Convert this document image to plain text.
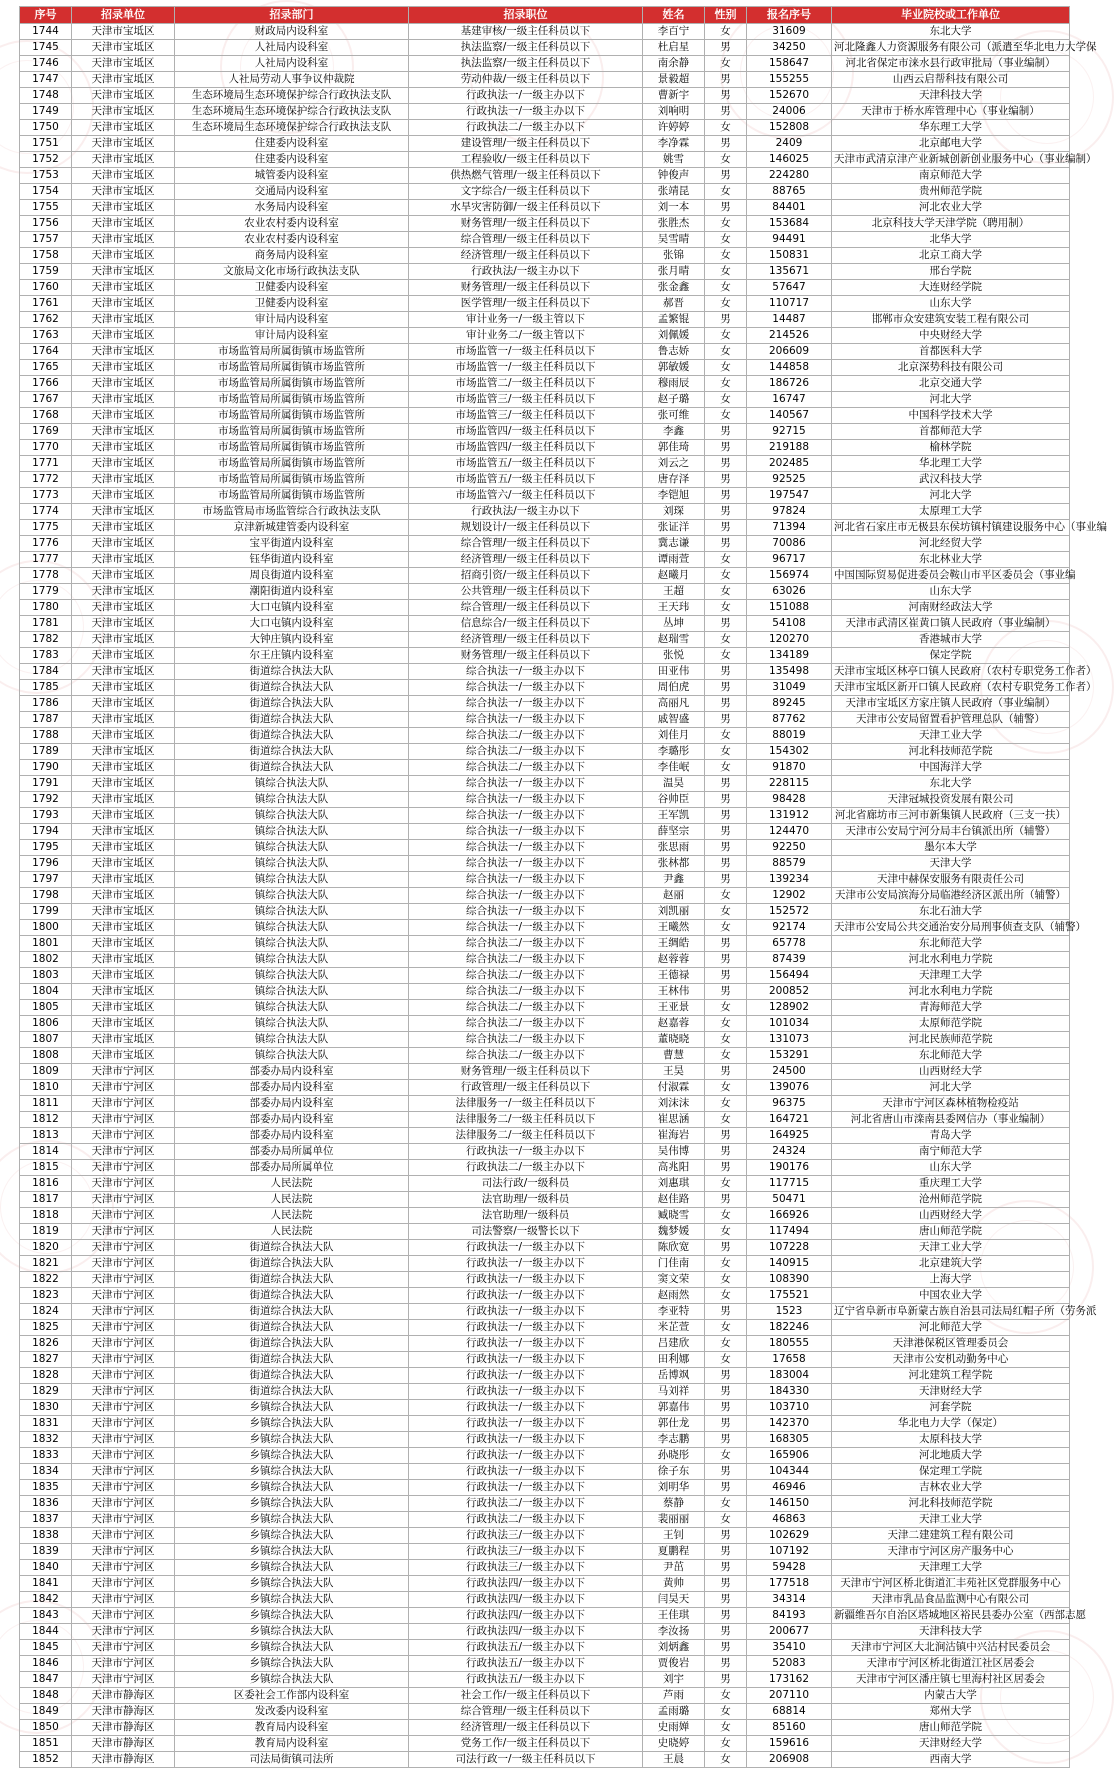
序号	招录单位	招录部门	招录职位	姓名	性别	报名序号	毕业院校或工作单位
1744	天津市宝坻区	财政局内设科室	基建审核/一级主任科员以下	李百宁	女	31609	东北大学
1745	天津市宝坻区	人社局内设科室	执法监察/一级主任科员以下	杜启星	男	34250	河北隆鑫人力资源服务有限公司（派遣至华北电力大学保
1746	天津市宝坻区	人社局内设科室	执法监察/一级主任科员以下	南余静	女	158647	河北省保定市涞水县行政审批局（事业编制）
1747	天津市宝坻区	人社局劳动人事争议仲裁院	劳动仲裁/一级主任科员以下	景毅超	男	155255	山西云启帮科技有限公司
1748	天津市宝坻区	生态环境局生态环境保护综合行政执法支队	行政执法一/一级主办以下	曹新宇	男	152670	天津科技大学
1749	天津市宝坻区	生态环境局生态环境保护综合行政执法支队	行政执法一/一级主办以下	刘响明	男	24006	天津市于桥水库管理中心（事业编制）
1750	天津市宝坻区	生态环境局生态环境保护综合行政执法支队	行政执法二/一级主办以下	许婷婷	女	152808	华东理工大学
1751	天津市宝坻区	住建委内设科室	建设管理/一级主任科员以下	李净霖	男	2409	北京邮电大学
1752	天津市宝坻区	住建委内设科室	工程验收/一级主任科员以下	姚雪	女	146025	天津市武清京津产业新城创新创业服务中心（事业编制）
1753	天津市宝坻区	城管委内设科室	供热燃气管理/一级主任科员以下	钟俊声	男	224280	南京师范大学
1754	天津市宝坻区	交通局内设科室	文字综合/一级主任科员以下	张靖昆	女	88765	贵州师范学院
1755	天津市宝坻区	水务局内设科室	水旱灾害防御/一级主任科员以下	刘一本	男	84401	河北农业大学
1756	天津市宝坻区	农业农村委内设科室	财务管理/一级主任科员以下	张胜杰	女	153684	北京科技大学天津学院（聘用制）
1757	天津市宝坻区	农业农村委内设科室	综合管理/一级主任科员以下	吴雪晴	女	94491	北华大学
1758	天津市宝坻区	商务局内设科室	经济管理/一级主任科员以下	张锦	女	150831	北京工商大学
1759	天津市宝坻区	文旅局文化市场行政执法支队	行政执法/一级主办以下	张月晴	女	135671	邢台学院
1760	天津市宝坻区	卫健委内设科室	财务管理/一级主任科员以下	张金鑫	女	57647	大连财经学院
1761	天津市宝坻区	卫健委内设科室	医学管理/一级主任科员以下	郝晋	女	110717	山东大学
1762	天津市宝坻区	审计局内设科室	审计业务一/一级主管以下	孟繁锟	男	14487	邯郸市众安建筑安装工程有限公司
1763	天津市宝坻区	审计局内设科室	审计业务二/一级主管以下	刘佩媛	女	214526	中央财经大学
1764	天津市宝坻区	市场监管局所属街镇市场监管所	市场监管一/一级主任科员以下	鲁志娇	女	206609	首都医科大学
1765	天津市宝坻区	市场监管局所属街镇市场监管所	市场监管一/一级主任科员以下	郭敏媛	女	144858	北京深势科技有限公司
1766	天津市宝坻区	市场监管局所属街镇市场监管所	市场监管二/一级主任科员以下	穆雨辰	女	186726	北京交通大学
1767	天津市宝坻区	市场监管局所属街镇市场监管所	市场监管三/一级主任科员以下	赵子璐	女	16747	河北大学
1768	天津市宝坻区	市场监管局所属街镇市场监管所	市场监管三/一级主任科员以下	张可维	女	140567	中国科学技术大学
1769	天津市宝坻区	市场监管局所属街镇市场监管所	市场监管四/一级主任科员以下	李鑫	男	92715	首都师范大学
1770	天津市宝坻区	市场监管局所属街镇市场监管所	市场监管四/一级主任科员以下	郭佳琦	男	219188	榆林学院
1771	天津市宝坻区	市场监管局所属街镇市场监管所	市场监管五/一级主任科员以下	刘云之	男	202485	华北理工大学
1772	天津市宝坻区	市场监管局所属街镇市场监管所	市场监管五/一级主任科员以下	唐存泽	男	92525	武汉科技大学
1773	天津市宝坻区	市场监管局所属街镇市场监管所	市场监管六/一级主任科员以下	李铠旭	男	197547	河北大学
1774	天津市宝坻区	市场监管局市场监管综合行政执法支队	行政执法/一级主办以下	刘琛	男	97824	太原理工大学
1775	天津市宝坻区	京津新城建管委内设科室	规划设计/一级主任科员以下	张证洋	男	71394	河北省石家庄市无极县东侯坊镇村镇建设服务中心（事业编
1776	天津市宝坻区	宝平街道内设科室	综合管理/一级主任科员以下	冀志谦	男	70086	河北经贸大学
1777	天津市宝坻区	钰华街道内设科室	经济管理/一级主任科员以下	谭雨萱	女	96717	东北林业大学
1778	天津市宝坻区	周良街道内设科室	招商引资/一级主任科员以下	赵曦月	女	156974	中国国际贸易促进委员会鞍山市平区委员会（事业编
1779	天津市宝坻区	潮阳街道内设科室	公共管理/一级主任科员以下	王超	女	63026	山东大学
1780	天津市宝坻区	大口屯镇内设科室	综合管理/一级主任科员以下	王天玮	女	151088	河南财经政法大学
1781	天津市宝坻区	大口屯镇内设科室	信息综合/一级主任科员以下	丛坤	男	54108	天津市武清区崔黄口镇人民政府（事业编制）
1782	天津市宝坻区	大钟庄镇内设科室	经济管理/一级主任科员以下	赵瑞雪	女	120270	香港城市大学
1783	天津市宝坻区	尔王庄镇内设科室	财务管理/一级主任科员以下	张悦	女	134189	保定学院
1784	天津市宝坻区	街道综合执法大队	综合执法一/一级主办以下	田亚伟	男	135498	天津市宝坻区林亭口镇人民政府（农村专职党务工作者）
1785	天津市宝坻区	街道综合执法大队	综合执法一/一级主办以下	周伯虎	男	31049	天津市宝坻区新开口镇人民政府（农村专职党务工作者）
1786	天津市宝坻区	街道综合执法大队	综合执法一/一级主办以下	高丽凡	男	89245	天津市宝坻区方家庄镇人民政府（事业编制）
1787	天津市宝坻区	街道综合执法大队	综合执法一/一级主办以下	戚智盛	男	87762	天津市公安局留置看护管理总队（辅警）
1788	天津市宝坻区	街道综合执法大队	综合执法二/一级主办以下	刘佳月	女	88019	天津工业大学
1789	天津市宝坻区	街道综合执法大队	综合执法二/一级主办以下	李璐彤	女	154302	河北科技师范学院
1790	天津市宝坻区	街道综合执法大队	综合执法二/一级主办以下	李佳岷	女	91870	中国海洋大学
1791	天津市宝坻区	镇综合执法大队	综合执法一/一级主办以下	温昊	男	228115	东北大学
1792	天津市宝坻区	镇综合执法大队	综合执法一/一级主办以下	谷帅臣	男	98428	天津冠城投资发展有限公司
1793	天津市宝坻区	镇综合执法大队	综合执法一/一级主办以下	王军凯	男	131912	河北省廊坊市三河市新集镇人民政府（三支一扶）
1794	天津市宝坻区	镇综合执法大队	综合执法一/一级主办以下	薛坚宗	男	124470	天津市公安局宁河分局丰台镇派出所（辅警）
1795	天津市宝坻区	镇综合执法大队	综合执法一/一级主办以下	张思雨	男	92250	墨尔本大学
1796	天津市宝坻区	镇综合执法大队	综合执法一/一级主办以下	张林都	男	88579	天津大学
1797	天津市宝坻区	镇综合执法大队	综合执法一/一级主办以下	尹鑫	男	139234	天津中赫保安服务有限责任公司
1798	天津市宝坻区	镇综合执法大队	综合执法一/一级主办以下	赵丽	女	12902	天津市公安局滨海分局临港经济区派出所（辅警）
1799	天津市宝坻区	镇综合执法大队	综合执法一/一级主办以下	刘凯丽	女	152572	东北石油大学
1800	天津市宝坻区	镇综合执法大队	综合执法一/一级主办以下	王曦然	女	92174	天津市公安局公共交通治安分局刑事侦查支队（辅警）
1801	天津市宝坻区	镇综合执法大队	综合执法二/一级主办以下	王绸皓	男	65778	东北师范大学
1802	天津市宝坻区	镇综合执法大队	综合执法二/一级主办以下	赵蓉蓉	男	87439	河北水利电力学院
1803	天津市宝坻区	镇综合执法大队	综合执法二/一级主办以下	王德禄	男	156494	天津理工大学
1804	天津市宝坻区	镇综合执法大队	综合执法二/一级主办以下	王林伟	男	200852	河北水利电力学院
1805	天津市宝坻区	镇综合执法大队	综合执法二/一级主办以下	王亚景	女	128902	青海师范大学
1806	天津市宝坻区	镇综合执法大队	综合执法二/一级主办以下	赵嘉蓉	女	101034	太原师范学院
1807	天津市宝坻区	镇综合执法大队	综合执法二/一级主办以下	董晓晓	女	131073	河北民族师范学院
1808	天津市宝坻区	镇综合执法大队	综合执法二/一级主办以下	曹慧	女	153291	东北师范大学
1809	天津市宁河区	部委办局内设科室	财务管理/一级主任科员以下	王昊	男	24500	山西财经大学
1810	天津市宁河区	部委办局内设科室	行政管理/一级主任科员以下	付淑霖	女	139076	河北大学
1811	天津市宁河区	部委办局内设科室	法律服务一/一级主任科员以下	刘沫沫	女	96375	天津市宁河区森林植物检疫站
1812	天津市宁河区	部委办局内设科室	法律服务二/一级主任科员以下	崔思涵	女	164721	河北省唐山市滦南县委网信办（事业编制）
1813	天津市宁河区	部委办局内设科室	法律服务二/一级主任科员以下	崔海岩	男	164925	青岛大学
1814	天津市宁河区	部委办局所属单位	行政执法一/一级主办以下	吴伟博	男	24324	南宁师范大学
1815	天津市宁河区	部委办局所属单位	行政执法二/一级主办以下	高兆阳	男	190176	山东大学
1816	天津市宁河区	人民法院	司法行政/一级科员	刘惠琪	女	117715	重庆理工大学
1817	天津市宁河区	人民法院	法官助理/一级科员	赵佳路	男	50471	沧州师范学院
1818	天津市宁河区	人民法院	法官助理/一级科员	臧晓雪	女	166926	山西财经大学
1819	天津市宁河区	人民法院	司法警察/一级警长以下	魏梦媛	女	117494	唐山师范学院
1820	天津市宁河区	街道综合执法大队	行政执法一/一级主办以下	陈欣宽	男	107228	天津工业大学
1821	天津市宁河区	街道综合执法大队	行政执法一/一级主办以下	门佳南	女	140915	北京建筑大学
1822	天津市宁河区	街道综合执法大队	行政执法一/一级主办以下	窦文荣	女	108390	上海大学
1823	天津市宁河区	街道综合执法大队	行政执法一/一级主办以下	赵雨然	女	175521	中国农业大学
1824	天津市宁河区	街道综合执法大队	行政执法一/一级主办以下	李亚特	男	1523	辽宁省阜新市阜新蒙古族自治县司法局红帽子所（劳务派
1825	天津市宁河区	街道综合执法大队	行政执法一/一级主办以下	米芷萱	女	182246	河北师范大学
1826	天津市宁河区	街道综合执法大队	行政执法一/一级主办以下	吕建欣	女	180555	天津港保税区管理委员会
1827	天津市宁河区	街道综合执法大队	行政执法一/一级主办以下	田利娜	女	17658	天津市公安机动勤务中心
1828	天津市宁河区	街道综合执法大队	行政执法一/一级主办以下	岳博飒	男	183004	河北建筑工程学院
1829	天津市宁河区	街道综合执法大队	行政执法一/一级主办以下	马刘祥	男	184330	天津财经大学
1830	天津市宁河区	乡镇综合执法大队	行政执法一/一级主办以下	郭嘉伟	男	103710	河套学院
1831	天津市宁河区	乡镇综合执法大队	行政执法一/一级主办以下	郭仕龙	男	142370	华北电力大学（保定）
1832	天津市宁河区	乡镇综合执法大队	行政执法一/一级主办以下	李志鹏	男	168305	太原科技大学
1833	天津市宁河区	乡镇综合执法大队	行政执法一/一级主办以下	孙晓彤	女	165906	河北地质大学
1834	天津市宁河区	乡镇综合执法大队	行政执法一/一级主办以下	徐子东	男	104344	保定理工学院
1835	天津市宁河区	乡镇综合执法大队	行政执法一/一级主办以下	刘明华	男	46946	吉林农业大学
1836	天津市宁河区	乡镇综合执法大队	行政执法二/一级主办以下	蔡静	女	146150	河北科技师范学院
1837	天津市宁河区	乡镇综合执法大队	行政执法二/一级主办以下	裴丽丽	女	46863	天津工业大学
1838	天津市宁河区	乡镇综合执法大队	行政执法三/一级主办以下	王钊	男	102629	天津二建建筑工程有限公司
1839	天津市宁河区	乡镇综合执法大队	行政执法三/一级主办以下	夏鹏程	男	107192	天津市宁河区房产服务中心
1840	天津市宁河区	乡镇综合执法大队	行政执法三/一级主办以下	尹茁	男	59428	天津理工大学
1841	天津市宁河区	乡镇综合执法大队	行政执法四/一级主办以下	黄帅	男	177518	天津市宁河区桥北街道汇丰苑社区党群服务中心
1842	天津市宁河区	乡镇综合执法大队	行政执法四/一级主办以下	闫昊天	男	34314	天津市乳品食品监测中心有限公司
1843	天津市宁河区	乡镇综合执法大队	行政执法四/一级主办以下	王佳琪	男	84193	新疆维吾尔自治区塔城地区裕民县委办公室（西部志愿
1844	天津市宁河区	乡镇综合执法大队	行政执法四/一级主办以下	李汝扬	男	200677	天津科技大学
1845	天津市宁河区	乡镇综合执法大队	行政执法五/一级主办以下	刘炳鑫	男	35410	天津市宁河区大北涧沽镇中兴沽村民委员会
1846	天津市宁河区	乡镇综合执法大队	行政执法五/一级主办以下	贾俊岩	男	52083	天津市宁河区桥北街道江社区居委会
1847	天津市宁河区	乡镇综合执法大队	行政执法五/一级主办以下	刘宇	男	173162	天津市宁河区潘庄镇七里海村社区居委会
1848	天津市静海区	区委社会工作部内设科室	社会工作/一级主任科员以下	芦雨	女	207110	内蒙古大学
1849	天津市静海区	发改委内设科室	综合管理/一级主任科员以下	孟雨璐	女	68814	郑州大学
1850	天津市静海区	教育局内设科室	经济管理/一级主任科员以下	史雨婵	女	85160	唐山师范学院
1851	天津市静海区	教育局内设科室	党务工作/一级主任科员以下	史晓婷	女	159616	天津财经大学
1852	天津市静海区	司法局街镇司法所	司法行政一/一级主任科员以下	王晨	女	206908	西南大学
